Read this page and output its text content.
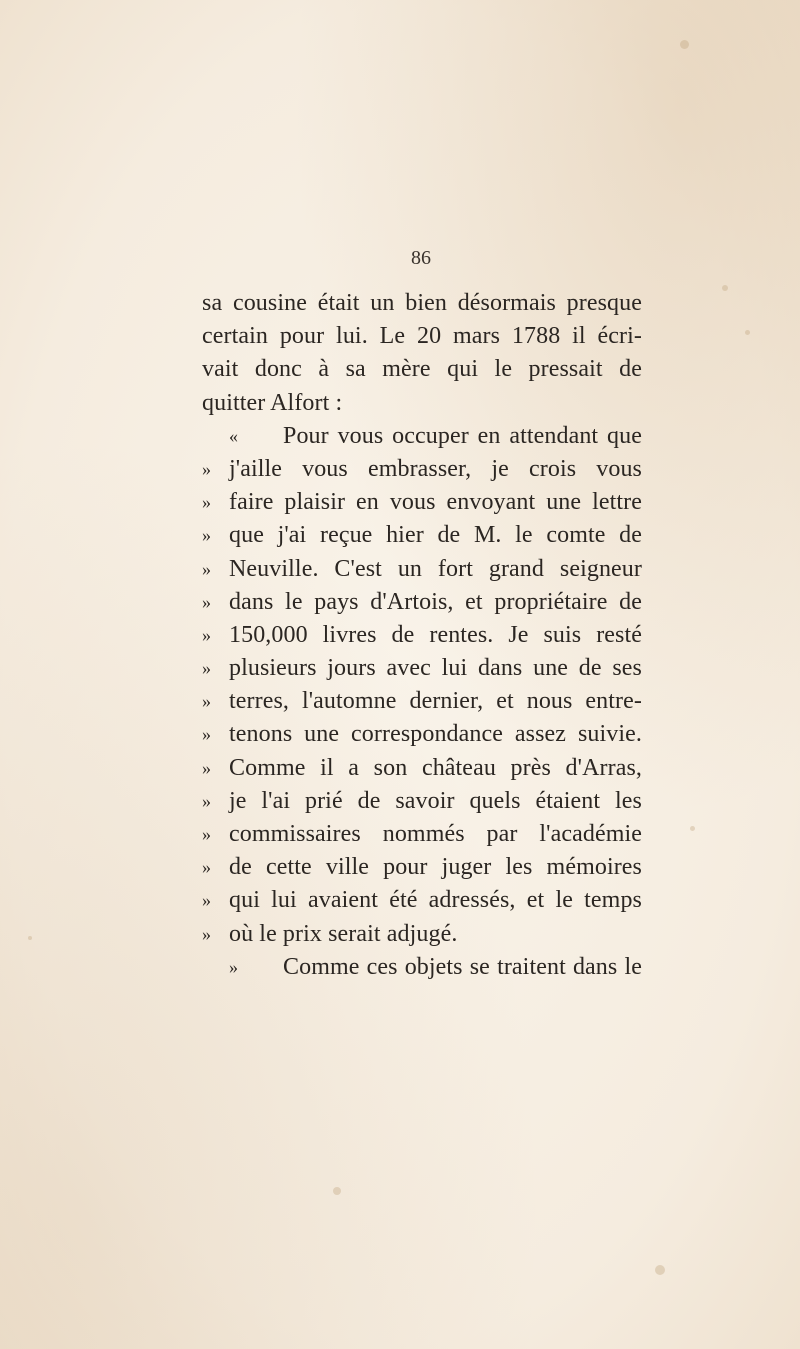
86
sa cousine était un bien désormais presque
certain pour lui. Le 20 mars 1788 il écri-
vait donc à sa mère qui le pressait de
quitter Alfort :
«	Pour vous occuper en attendant que
» j'aille vous embrasser, je crois vous
» faire plaisir en vous envoyant une lettre
» que j'ai reçue hier de M. le comte de
» Neuville. C'est un fort grand seigneur
» dans le pays d'Artois, et propriétaire de
» 150,000 livres de rentes. Je suis resté
» plusieurs jours avec lui dans une de ses
» terres, l'automne dernier, et nous entre-
» tenons une correspondance assez suivie.
» Comme il a son château près d'Arras,
» je l'ai prié de savoir quels étaient les
» commissaires nommés par l'académie
» de cette ville pour juger les mémoires
» qui lui avaient été adressés, et le temps
» où le prix serait adjugé.
»	Comme ces objets se traitent dans le
